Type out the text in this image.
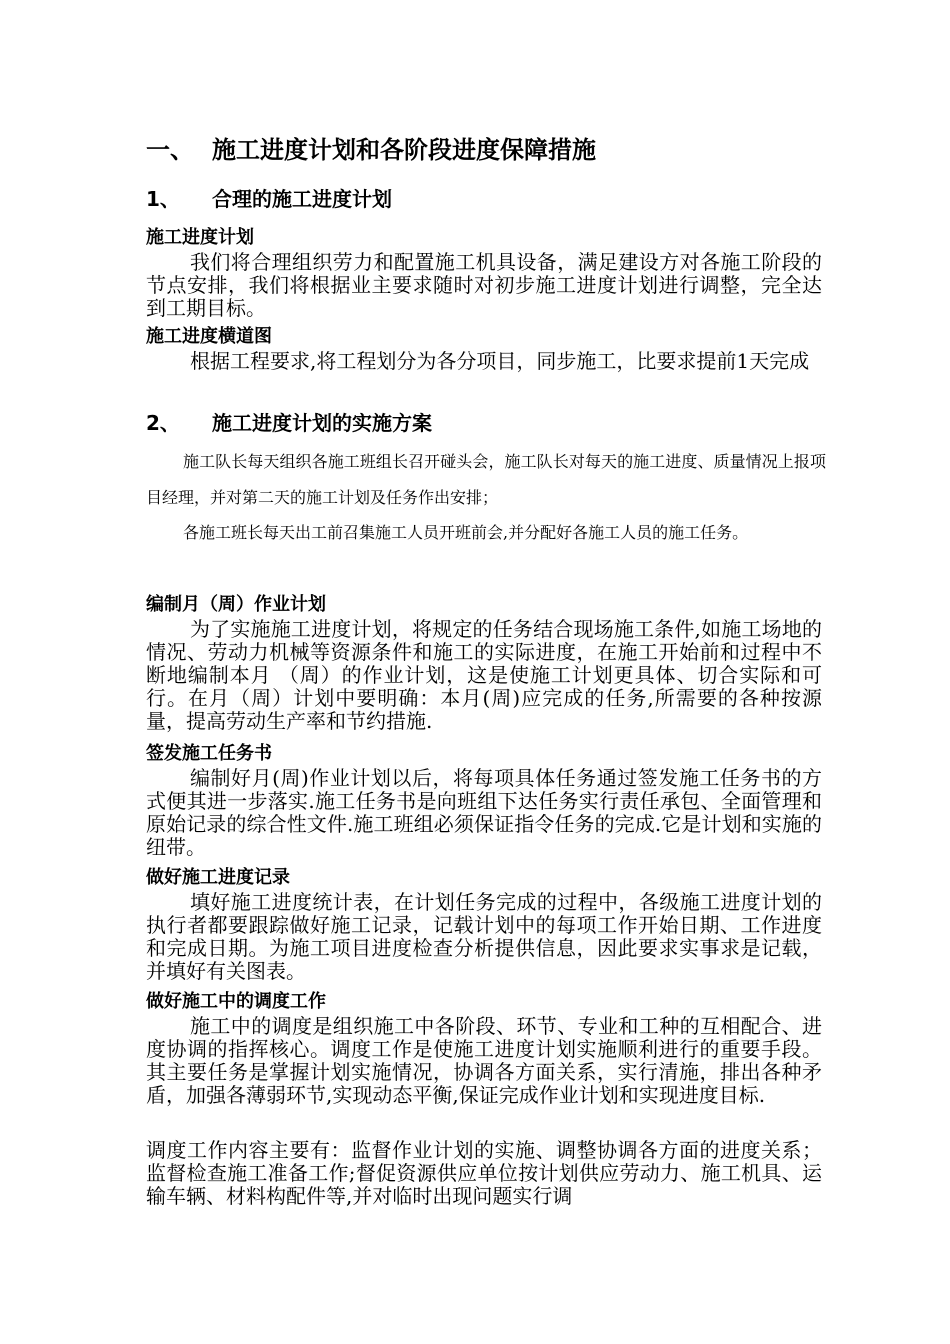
一、 施工进度计划和各阶段进度保障措施
1、 合理的施工进度计划
施工进度计划
我们将合理组织劳力和配置施工机具设备，满足建设方对各施工阶段的节点安排，我们将根据业主要求随时对初步施工进度计划进行调整，完全达到工期目标。
施工进度横道图
根据工程要求,将工程划分为各分项目，同步施工，比要求提前1天完成
2、 施工进度计划的实施方案
施工队长每天组织各施工班组长召开碰头会，施工队长对每天的施工进度、质量情况上报项目经理，并对第二天的施工计划及任务作出安排；
各施工班长每天出工前召集施工人员开班前会,并分配好各施工人员的施工任务。
编制月（周）作业计划
为了实施施工进度计划，将规定的任务结合现场施工条件,如施工场地的情况、劳动力机械等资源条件和施工的实际进度，在施工开始前和过程中不断地编制本月 （周）的作业计划，这是使施工计划更具体、切合实际和可行。在月（周）计划中要明确：本月(周)应完成的任务,所需要的各种按源量，提高劳动生产率和节约措施.
签发施工任务书
编制好月(周)作业计划以后，将每项具体任务通过签发施工任务书的方式便其进一步落实.施工任务书是向班组下达任务实行责任承包、全面管理和原始记录的综合性文件.施工班组必须保证指令任务的完成.它是计划和实施的纽带。
做好施工进度记录
填好施工进度统计表，在计划任务完成的过程中，各级施工进度计划的执行者都要跟踪做好施工记录，记载计划中的每项工作开始日期、工作进度和完成日期。为施工项目进度检查分析提供信息，因此要求实事求是记载，并填好有关图表。
做好施工中的调度工作
施工中的调度是组织施工中各阶段、环节、专业和工种的互相配合、进度协调的指挥核心。调度工作是使施工进度计划实施顺利进行的重要手段。其主要任务是掌握计划实施情况，协调各方面关系，实行清施，排出各种矛盾，加强各薄弱环节,实现动态平衡,保证完成作业计划和实现进度目标.
调度工作内容主要有：监督作业计划的实施、调整协调各方面的进度关系；监督检查施工准备工作;督促资源供应单位按计划供应劳动力、施工机具、运输车辆、材料构配件等,并对临时出现问题实行调
